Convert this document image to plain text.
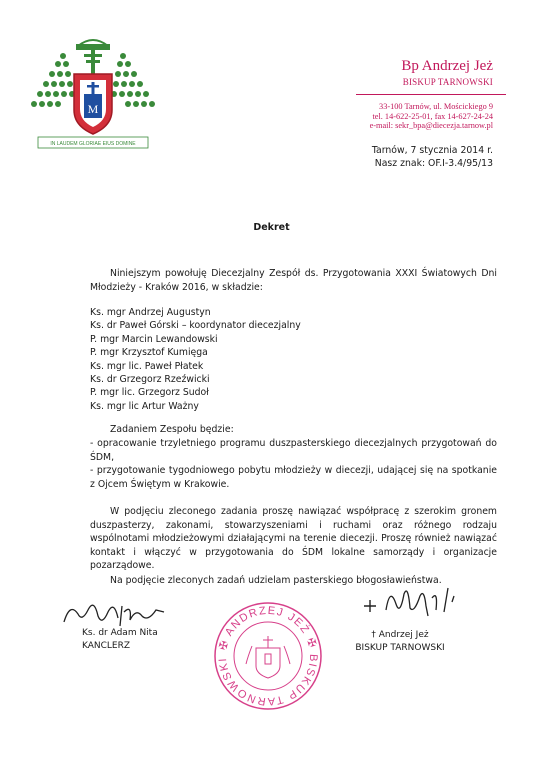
M
IN LAUDEM GLORIAE EIUS DOMINE
Bp Andrzej Jeż
BISKUP TARNOWSKI
33-100 Tarnów, ul. Mościckiego 9
tel. 14-622-25-01, fax 14-627-24-24
e-mail: sekr_bpa@diecezja.tarnow.pl
Tarnów, 7 stycznia 2014 r.
Nasz znak: OF.I-3.4/95/13
Dekret
Niniejszym powołuję Diecezjalny Zespół ds. Przygotowania XXXI Światowych Dni Młodzieży - Kraków 2016, w składzie:
Ks. mgr Andrzej Augustyn
Ks. dr Paweł Górski – koordynator diecezjalny
P. mgr Marcin Lewandowski
P. mgr Krzysztof Kumięga
Ks. mgr lic. Paweł Płatek
Ks. dr Grzegorz Rzeźwicki
P. mgr lic. Grzegorz Sudoł
Ks. mgr lic Artur Ważny
Zadaniem Zespołu będzie:
- opracowanie trzyletniego programu duszpasterskiego diecezjalnych przygotowań do ŚDM,
- przygotowanie tygodniowego pobytu młodzieży w diecezji, udającej się na spotkanie z Ojcem Świętym w Krakowie.
W podjęciu zleconego zadania proszę nawiązać współpracę z szerokim gronem duszpasterzy, zakonami, stowarzyszeniami i ruchami oraz różnego rodzaju wspólnotami młodzieżowymi działającymi na terenie diecezji. Proszę również nawiązać kontakt i włączyć w przygotowania do ŚDM lokalne samorządy i organizacje pozarządowe.
Na podjęcie zleconych zadań udzielam pasterskiego błogosławieństwa.
Ks. dr Adam Nita
KANCLERZ	✠ ANDRZEJ JEŻ ✠ BISKUP TARNOWSKI
† Andrzej Jeż
BISKUP TARNOWSKI
